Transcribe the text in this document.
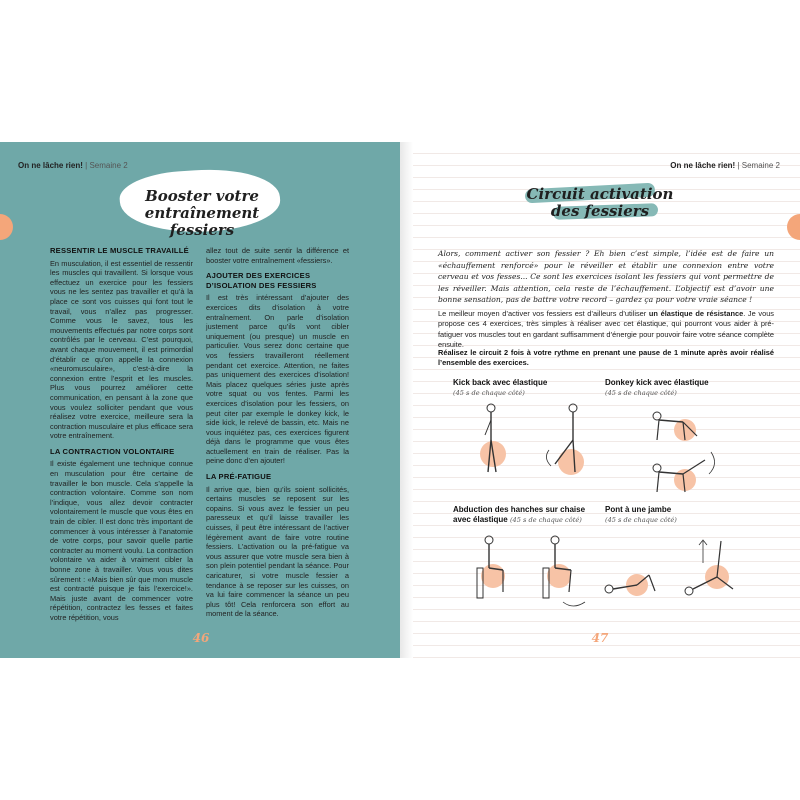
On ne lâche rien! | Semaine 2
Booster votre
entraînement fessiers
RESSENTIR LE MUSCLE TRAVAILLÉ

En musculation, il est essentiel de ressentir les muscles qui travaillent. Si lorsque vous effectuez un exercice pour les fessiers vous ne les sentez pas travailler et qu’à la place ce sont vos cuisses qui font tout le travail, vous n’allez pas progresser. Comme vous le savez, tous les mouvements effectués par notre corps sont contrôlés par le cerveau. C’est pourquoi, avant chaque mouvement, il est primordial d’établir ce qu’on appelle la connexion «neuromusculaire», c’est-à-dire la connexion entre l’esprit et les muscles. Plus vous pourrez améliorer cette communication, en pensant à la zone que vous voulez solliciter pendant que vous réalisez votre exercice, meilleure sera la contraction musculaire et plus efficace sera votre entraînement.

LA CONTRACTION VOLONTAIRE

Il existe également une technique connue en musculation pour être certaine de travailler le bon muscle. Cela s’appelle la contraction volontaire. Comme son nom l’indique, vous allez devoir contracter volontairement le muscle que vous êtes en train de cibler. Il est donc très important de commencer à vous intéresser à l’anatomie de votre corps, pour savoir quelle partie contracter au moment voulu. La contraction volontaire va aider à vraiment cibler la bonne zone à travailler. Vous vous dites sûrement : «Mais bien sûr que mon muscle est contracté puisque je fais l’exercice!». Mais juste avant de commencer votre répétition, contractez les fesses et faites votre répétition, vous

allez tout de suite sentir la différence et booster votre entraînement «fessiers».

AJOUTER DES EXERCICES D’ISOLATION DES FESSIERS

Il est très intéressant d’ajouter des exercices dits d’isolation à votre entraînement. On parle d’isolation justement parce qu’ils vont cibler uniquement (ou presque) un muscle en particulier. Vous serez donc certaine que vos fessiers travailleront réellement pendant cet exercice. Attention, ne faites pas uniquement des exercices d’isolation! Mais placez quelques séries juste après votre squat ou vos fentes. Parmi les exercices d’isolation pour les fessiers, on peut citer par exemple le donkey kick, le side kick, le relevé de bassin, etc. Mais ne vous inquiétez pas, ces exercices figurent déjà dans le programme que vous êtes actuellement en train de réaliser. Pas la peine donc d’en ajouter!

LA PRÉ-FATIGUE

Il arrive que, bien qu’ils soient sollicités, certains muscles se reposent sur les copains. Si vous avez le fessier un peu paresseux et qu’il laisse travailler les cuisses, il peut être intéressant de l’activer légèrement avant de faire votre routine fessiers. L’activation ou la pré-fatigue va vous assurer que votre muscle sera bien à son plein potentiel pendant la séance. Pour caricaturer, si votre muscle fessier a tendance à se reposer sur les cuisses, on va lui faire commencer la séance un peu plus tôt! Cela renforcera son effort au moment de la séance.

46
On ne lâche rien! | Semaine 2
Circuit activation
des fessiers
Alors, comment activer son fessier ? Eh bien c’est simple, l’idée est de faire un «échauffement renforcé» pour le réveiller et établir une connexion entre votre cerveau et vos fesses... Ce sont les exercices isolant les fessiers qui vont permettre de les réveiller. Mais attention, cela reste de l’échauffement. L’objectif est d’avoir une bonne sensation, pas de battre votre record – gardez ça pour votre vraie séance !
Le meilleur moyen d’activer vos fessiers est d’ailleurs d’utiliser un élastique de résistance. Je vous propose ces 4 exercices, très simples à réaliser avec cet élastique, qui pourront vous aider à pré-fatiguer vos muscles tout en gardant suffisamment d’énergie pour pouvoir faire votre séance complète ensuite.
Réalisez le circuit 2 fois à votre rythme en prenant une pause de 1 minute après avoir réalisé l’ensemble des exercices.
Kick back avec élastique
(45 s de chaque côté)
Donkey kick avec élastique
(45 s de chaque côté)
Abduction des hanches sur chaise
avec élastique (45 s de chaque côté)
Pont à une jambe
(45 s de chaque côté)
47
